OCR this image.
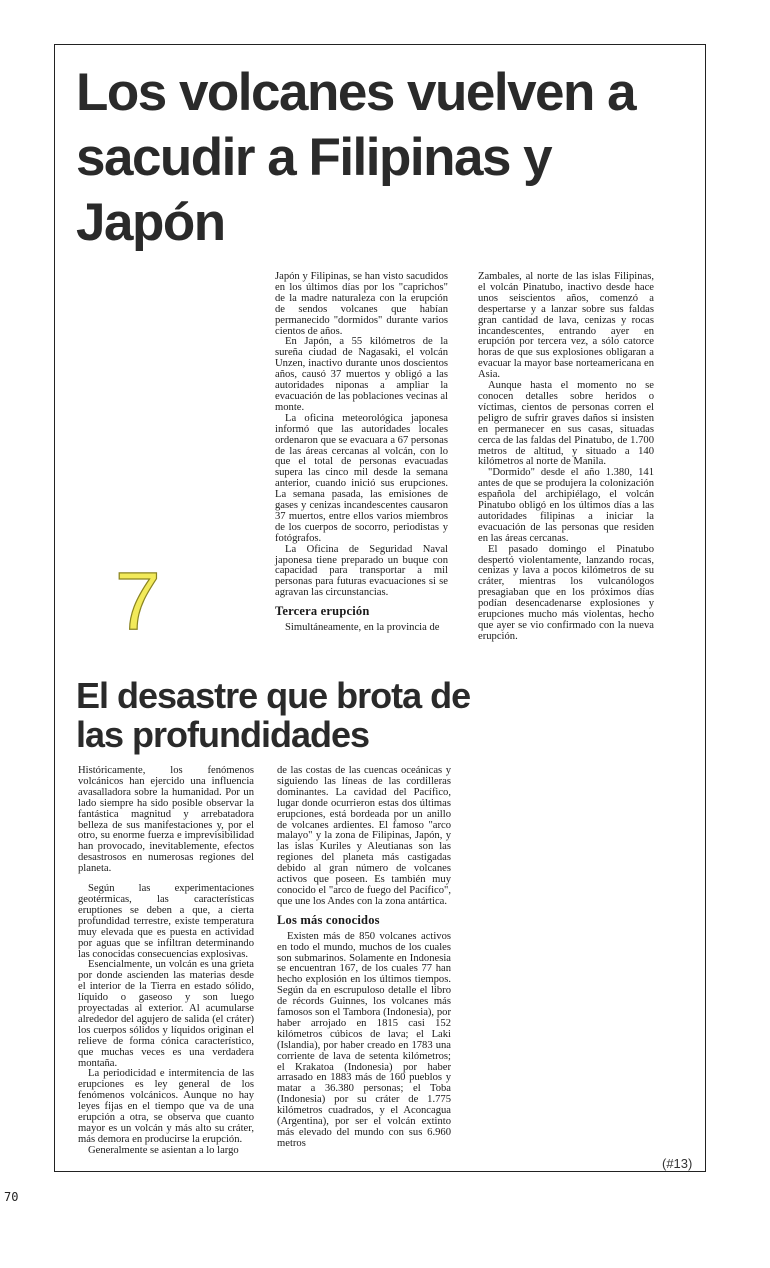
Los volcanes vuelven a sacudir a Filipinas y Japón

Japón y Filipinas, se han visto sacudidos en los últimos días por los "caprichos" de la madre naturaleza con la erupción de sendos volcanes que habían permanecido "dormidos" durante varios cientos de años.

En Japón, a 55 kilómetros de la sureña ciudad de Nagasaki, el volcán Unzen, inactivo durante unos doscientos años, causó 37 muertos y obligó a las autoridades niponas a ampliar la evacuación de las poblaciones vecinas al monte.

La oficina meteorológica japonesa informó que las autoridades locales ordenaron que se evacuara a 67 personas de las áreas cercanas al volcán, con lo que el total de personas evacuadas supera las cinco mil desde la semana anterior, cuando inició sus erupciones. La semana pasada, las emisiones de gases y cenizas incandescentes causaron 37 muertos, entre ellos varios miembros de los cuerpos de socorro, periodistas y fotógrafos.

La Oficina de Seguridad Naval japonesa tiene preparado un buque con capacidad para transportar a mil personas para futuras evacuaciones si se agravan las circunstancias.

Tercera erupción

Simultáneamente, en la provincia de

Zambales, al norte de las islas Filipinas, el volcán Pinatubo, inactivo desde hace unos seiscientos años, comenzó a despertarse y a lanzar sobre sus faldas gran cantidad de lava, cenizas y rocas incandescentes, entrando ayer en erupción por tercera vez, a sólo catorce horas de que sus explosiones obligaran a evacuar la mayor base norteamericana en Asia.

Aunque hasta el momento no se conocen detalles sobre heridos o víctimas, cientos de personas corren el peligro de sufrir graves daños si insisten en permanecer en sus casas, situadas cerca de las faldas del Pinatubo, de 1.700 metros de altitud, y situado a 140 kilómetros al norte de Manila.

"Dormido" desde el año 1.380, 141 antes de que se produjera la colonización española del archipiélago, el volcán Pinatubo obligó en los últimos días a las autoridades filipinas a iniciar la evacuación de las personas que residen en las áreas cercanas.

El pasado domingo el Pinatubo despertó violentamente, lanzando rocas, cenizas y lava a pocos kilómetros de su cráter, mientras los vulcanólogos presagiaban que en los próximos días podían desencadenarse explosiones y erupciones mucho más violentas, hecho que ayer se vio confirmado con la nueva erupción.

7
El desastre que brota de las profundidades

Históricamente, los fenómenos volcánicos han ejercido una influencia avasalladora sobre la humanidad. Por un lado siempre ha sido posible observar la fantástica magnitud y arrebatadora belleza de sus manifestaciones y, por el otro, su enorme fuerza e imprevisibilidad han provocado, inevitablemente, efectos desastrosos en numerosas regiones del planeta.

Según las experimentaciones geotérmicas, las características eruptiones se deben a que, a cierta profundidad terrestre, existe temperatura muy elevada que es puesta en actividad por aguas que se infiltran determinando las conocidas consecuencias explosivas.

Esencialmente, un volcán es una grieta por donde ascienden las materias desde el interior de la Tierra en estado sólido, líquido o gaseoso y son luego proyectadas al exterior. Al acumularse alrededor del agujero de salida (el cráter) los cuerpos sólidos y líquidos originan el relieve de forma cónica característico, que muchas veces es una verdadera montaña.

La periodicidad e intermitencia de las erupciones es ley general de los fenómenos volcánicos. Aunque no hay leyes fijas en el tiempo que va de una erupción a otra, se observa que cuanto mayor es un volcán y más alto su cráter, más demora en producirse la erupción.

Generalmente se asientan a lo largo

de las costas de las cuencas oceánicas y siguiendo las líneas de las cordilleras dominantes. La cavidad del Pacífico, lugar donde ocurrieron estas dos últimas erupciones, está bordeada por un anillo de volcanes ardientes. El famoso "arco malayo" y la zona de Filipinas, Japón, y las islas Kuriles y Aleutianas son las regiones del planeta más castigadas debido al gran número de volcanes activos que poseen. Es también muy conocido el "arco de fuego del Pacífico", que une los Andes con la zona antártica.

Los más conocidos

Existen más de 850 volcanes activos en todo el mundo, muchos de los cuales son submarinos. Solamente en Indonesia se encuentran 167, de los cuales 77 han hecho explosión en los últimos tiempos. Según da en escrupuloso detalle el libro de récords Guinnes, los volcanes más famosos son el Tambora (Indonesia), por haber arrojado en 1815 casi 152 kilómetros cúbicos de lava; el Laki (Islandia), por haber creado en 1783 una corriente de lava de setenta kilómetros; el Krakatoa (Indonesia) por haber arrasado en 1883 más de 160 pueblos y matar a 36.380 personas; el Toba (Indonesia) por su cráter de 1.775 kilómetros cuadrados, y el Aconcagua (Argentina), por ser el volcán extinto más elevado del mundo con sus 6.960 metros

(#13)
70
